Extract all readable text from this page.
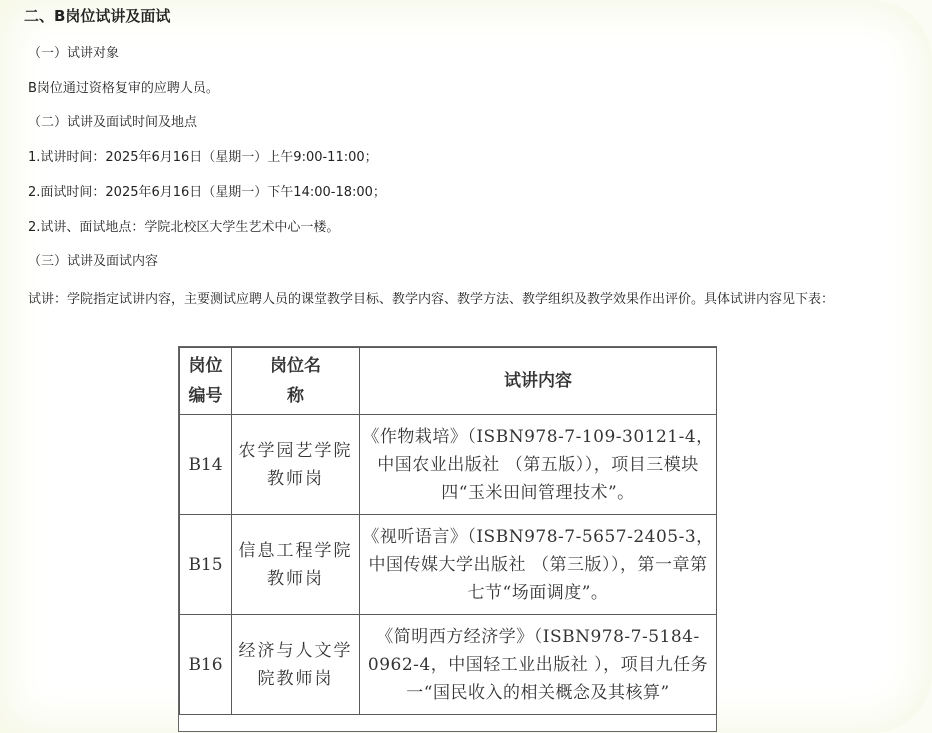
二、B岗位试讲及面试
（一）试讲对象
B岗位通过资格复审的应聘人员。
（二）试讲及面试时间及地点
1.试讲时间：2025年6月16日（星期一）上午9:00-11:00；
2.面试时间：2025年6月16日（星期一）下午14:00-18:00；
2.试讲、面试地点：学院北校区大学生艺术中心一楼。
（三）试讲及面试内容
试讲：学院指定试讲内容，主要测试应聘人员的课堂教学目标、教学内容、教学方法、教学组织及教学效果作出评价。具体试讲内容见下表：
岗位编号	岗位名称	试讲内容
B14	农学园艺学院教师岗	《作物栽培》（ISBN978-7-109-30121-4，中国农业出版社 （第五版）），项目三模块四“玉米田间管理技术”。
B15	信息工程学院教师岗	《视听语言》（ISBN978-7-5657-2405-3，中国传媒大学出版社 （第三版）），第一章第七节“场面调度”。
B16	经济与人文学院教师岗	《简明西方经济学》（ISBN978-7-5184-0962-4，中国轻工业出版社 ），项目九任务一“国民收入的相关概念及其核算”
